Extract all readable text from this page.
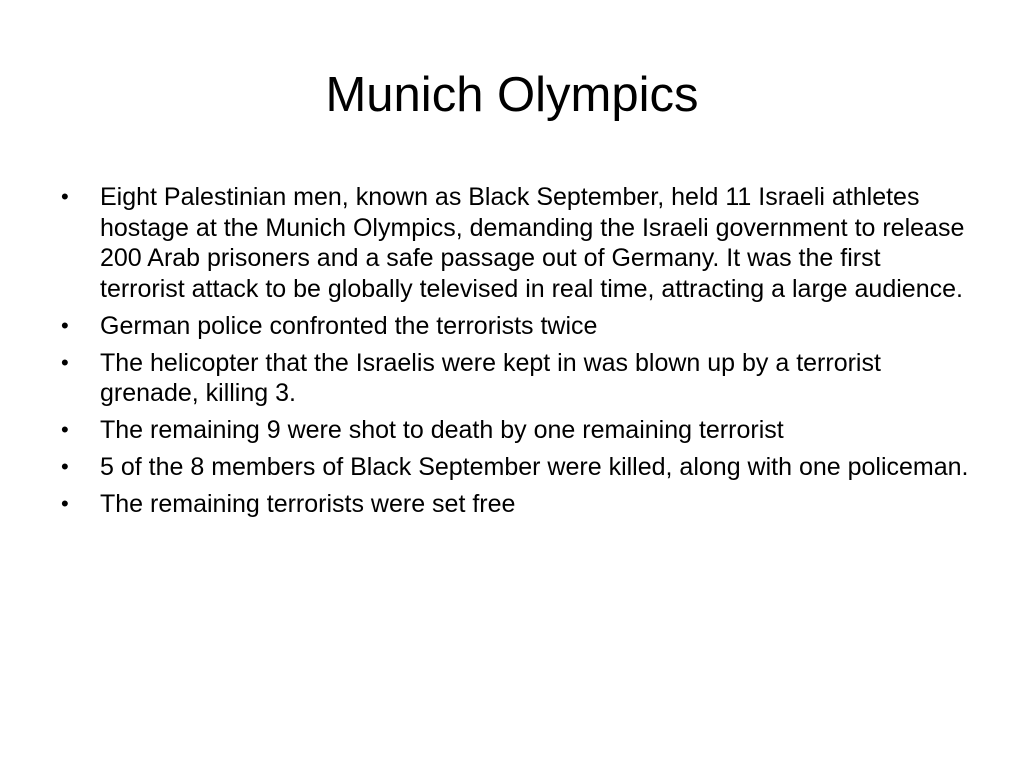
Munich Olympics
• Eight Palestinian men, known as Black September, held 11 Israeli athletes hostage at the Munich Olympics, demanding the Israeli government to release 200 Arab prisoners and a safe passage out of Germany. It was the first terrorist attack to be globally televised in real time, attracting a large audience.
• German police confronted the terrorists twice
• The helicopter that the Israelis were kept in was blown up by a terrorist grenade, killing 3.
• The remaining 9 were shot to death by one remaining terrorist
• 5 of the 8 members of Black September were killed, along with one policeman.
• The remaining terrorists were set free
